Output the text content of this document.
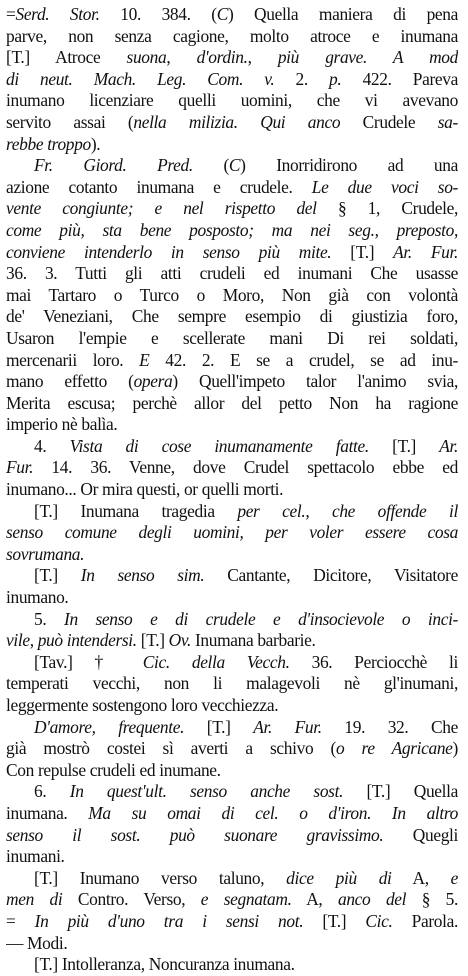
=Serd. Stor. 10. 384. (C) Quella maniera di pena
parve, non senza cagione, molto atroce e inumana
[T.] Atroce suona, d'ordin., più grave. A mod
di neut. Mach. Leg. Com. v. 2. p. 422. Pareva
inumano licenziare quelli uomini, che vi avevano
servito assai (nella milizia. Qui anco Crudele sa-
rebbe troppo).
Fr. Giord. Pred. (C) Inorridirono ad una
azione cotanto inumana e crudele. Le due voci so-
vente congiunte; e nel rispetto del § 1, Crudele,
come più, sta bene posposto; ma nei seg., preposto,
conviene intenderlo in senso più mite. [T.] Ar. Fur.
36. 3. Tutti gli atti crudeli ed inumani Che usasse
mai Tartaro o Turco o Moro, Non già con volontà
de' Veneziani, Che sempre esempio di giustizia foro,
Usaron l'empie e scellerate mani Di rei soldati,
mercenarii loro. E 42. 2. E se a crudel, se ad inu-
mano effetto (opera) Quell'impeto talor l'animo svia,
Merita escusa; perchè allor del petto Non ha ragione
imperio nè balìa.
4. Vista di cose inumanamente fatte. [T.] Ar.
Fur. 14. 36. Venne, dove Crudel spettacolo ebbe ed
inumano... Or mira questi, or quelli morti.
[T.] Inumana tragedia per cel., che offende il
senso comune degli uomini, per voler essere cosa
sovrumana.
[T.] In senso sim. Cantante, Dicitore, Visitatore
inumano.
5. In senso e di crudele e d'insocievole o inci-
vile, può intendersi. [T.] Ov. Inumana barbarie.
[Tav.] † Cic. della Vecch. 36. Perciocchè li
temperati vecchi, non li malagevoli nè gl'inumani,
leggermente sostengono loro vecchiezza.
D'amore, frequente. [T.] Ar. Fur. 19. 32. Che
già mostrò costei sì averti a schivo (o re Agricane)
Con repulse crudeli ed inumane.
6. In quest'ult. senso anche sost. [T.] Quella
inumana. Ma su omai di cel. o d'iron. In altro
senso il sost. può suonare gravissimo. Quegli
inumani.
[T.] Inumano verso taluno, dice più di A, e
men di Contro. Verso, e segnatam. A, anco del § 5.
= In più d'uno tra i sensi not. [T.] Cic. Parola.
— Modi.
[T.] Intolleranza, Noncuranza inumana.
